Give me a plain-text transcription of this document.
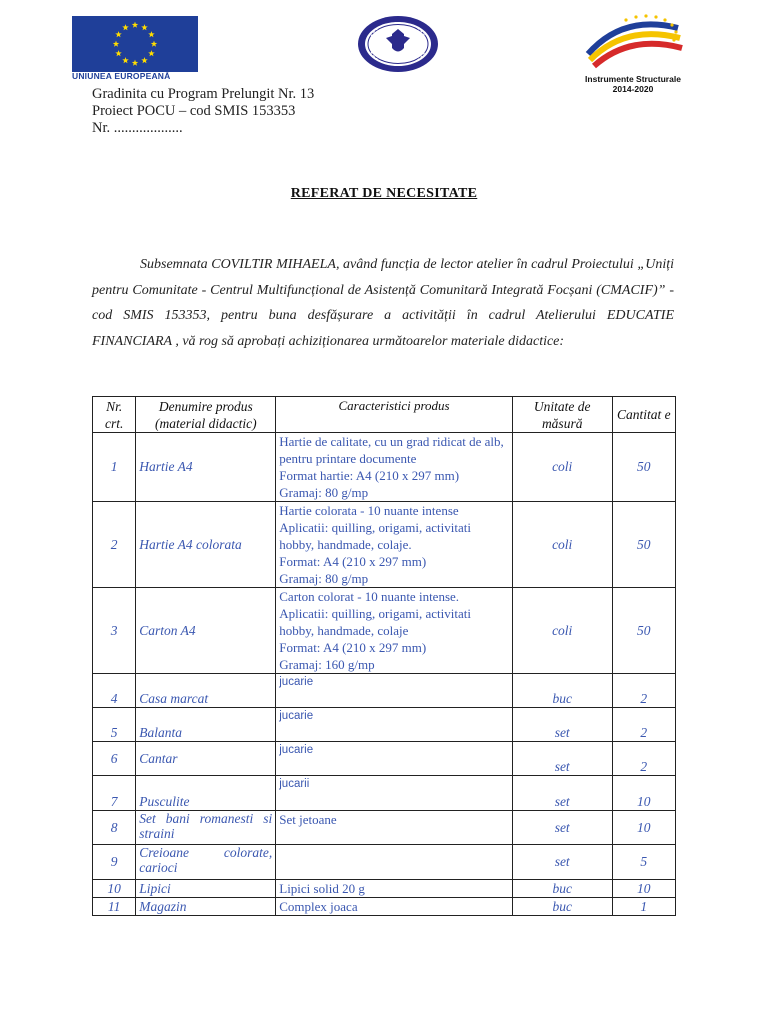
UNIUNEA EUROPEANĂ	Instrumente Structurale
2014-2020
Gradinita cu Program Prelungit Nr. 13
Proiect POCU – cod SMIS 153353
Nr. ...................
REFERAT DE NECESITATE
Subsemnata COVILTIR MIHAELA, având funcția de lector atelier în cadrul Proiectului „Uniți pentru Comunitate - Centrul Multifuncțional de Asistență Comunitară Integrată Focșani (CMACIF)” - cod SMIS 153353, pentru buna desfășurare a activității în cadrul Atelierului EDUCATIE FINANCIARA , vă rog să aprobați achiziționarea următoarelor materiale didactice:
Nr. crt.	Denumire produs (material didactic)	Caracteristici produs	Unitate de măsură	Cantitat e
1	Hartie A4	Hartie de calitate, cu un grad ridicat de alb, pentru printare documente
Format hartie: A4 (210 x 297 mm)
Gramaj: 80 g/mp	coli	50
2	Hartie A4 colorata	Hartie colorata - 10 nuante intense
Aplicatii: quilling, origami, activitati hobby, handmade, colaje.
Format: A4 (210 x 297 mm)
Gramaj: 80 g/mp	coli	50
3	Carton A4	Carton colorat - 10 nuante intense.
Aplicatii: quilling, origami, activitati hobby, handmade, colaje
Format: A4 (210 x 297 mm)
Gramaj: 160 g/mp	coli	50
4	Casa marcat	jucarie	buc	2
5	Balanta	jucarie	set	2
6	Cantar	jucarie	set	2
7	Pusculite	jucarii	set	10
8	Set bani romanesti si straini	Set jetoane	set	10
9	Creioane colorate, carioci		set	5
10	Lipici	Lipici solid 20 g	buc	10
11	Magazin	Complex joaca	buc	1
